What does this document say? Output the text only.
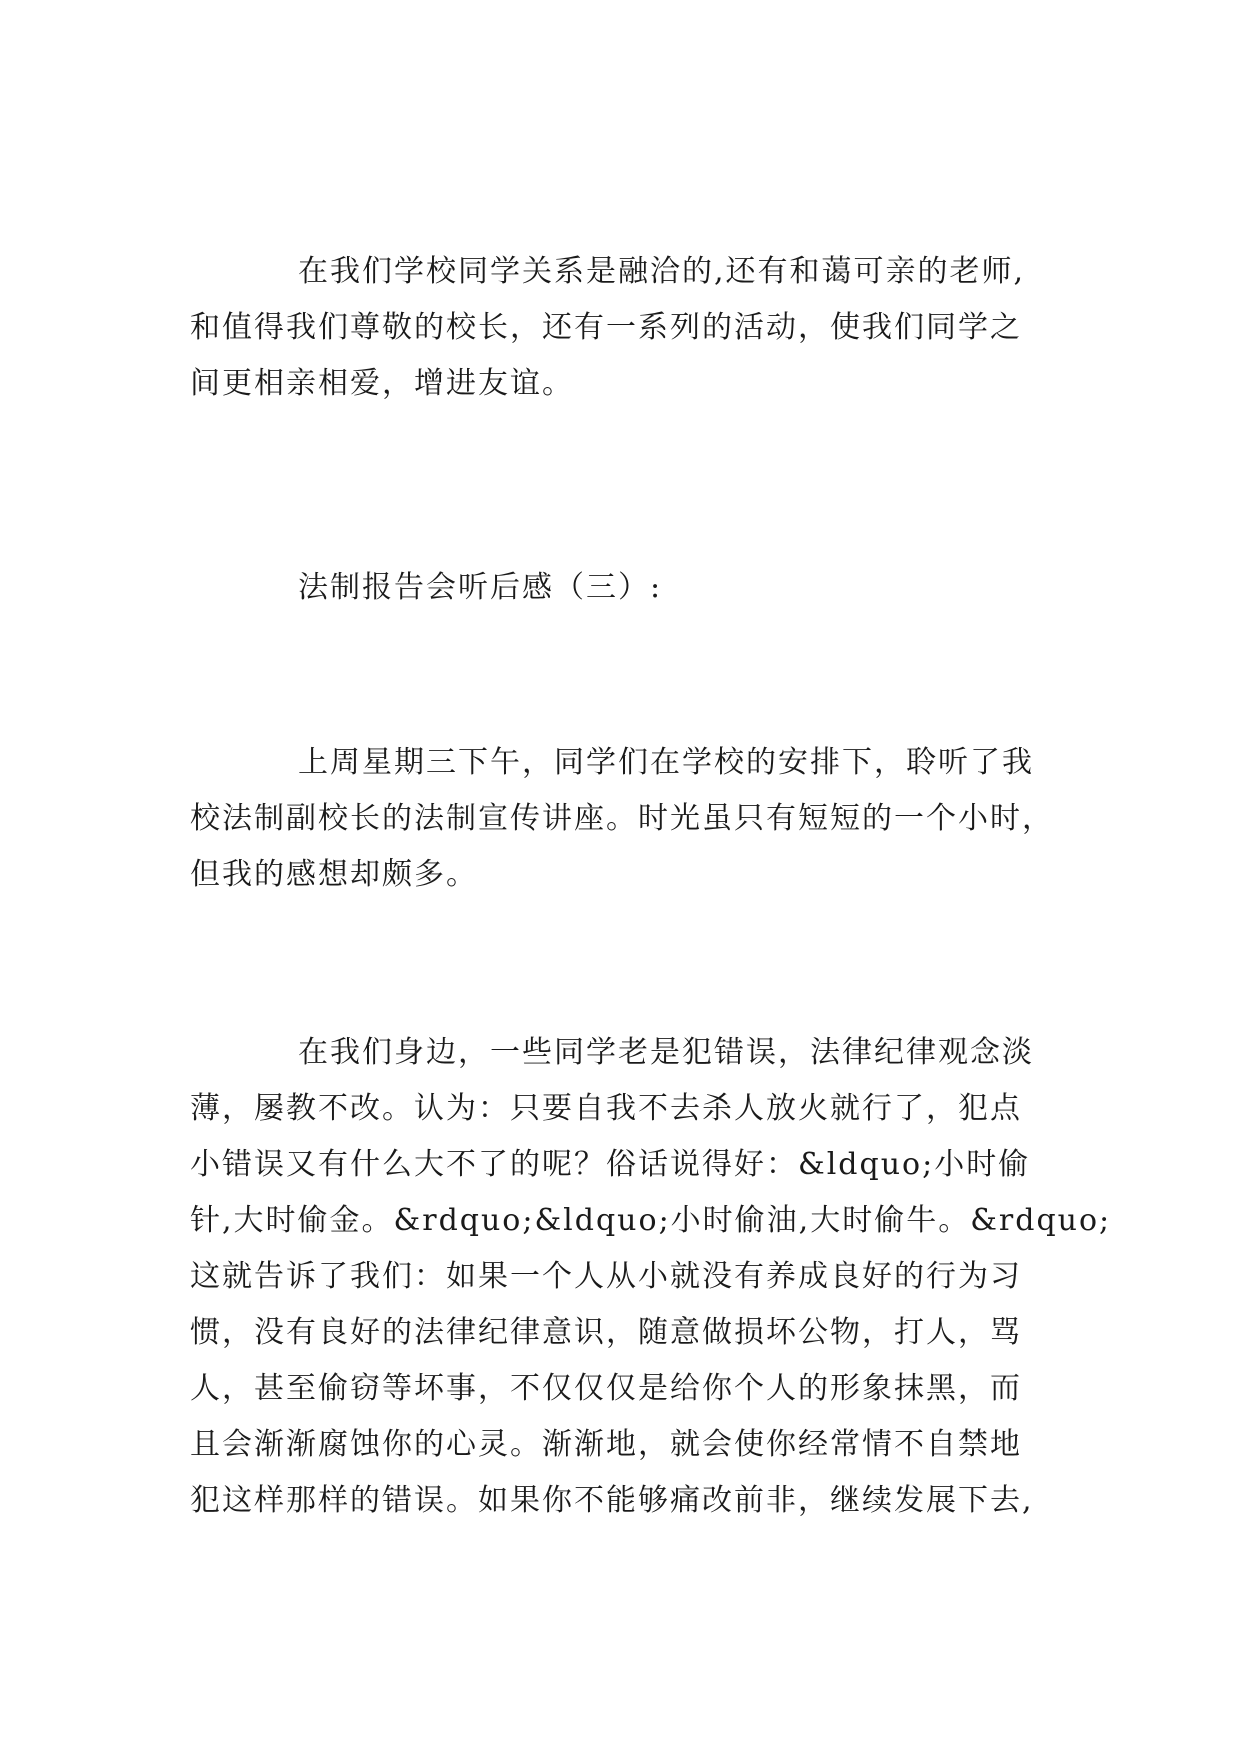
在我们学校同学关系是融洽的,还有和蔼可亲的老师,
和值得我们尊敬的校长，还有一系列的活动，使我们同学之
间更相亲相爱，增进友谊。
法制报告会听后感（三）:
上周星期三下午，同学们在学校的安排下，聆听了我
校法制副校长的法制宣传讲座。时光虽只有短短的一个小时，
但我的感想却颇多。
在我们身边，一些同学老是犯错误，法律纪律观念淡
薄，屡教不改。认为：只要自我不去杀人放火就行了，犯点
小错误又有什么大不了的呢？俗话说得好：&ldquo;小时偷
针,大时偷金。&rdquo;&ldquo;小时偷油,大时偷牛。&rdquo;
这就告诉了我们：如果一个人从小就没有养成良好的行为习
惯，没有良好的法律纪律意识，随意做损坏公物，打人，骂
人，甚至偷窃等坏事，不仅仅仅是给你个人的形象抹黑，而
且会渐渐腐蚀你的心灵。渐渐地，就会使你经常情不自禁地
犯这样那样的错误。如果你不能够痛改前非，继续发展下去,
